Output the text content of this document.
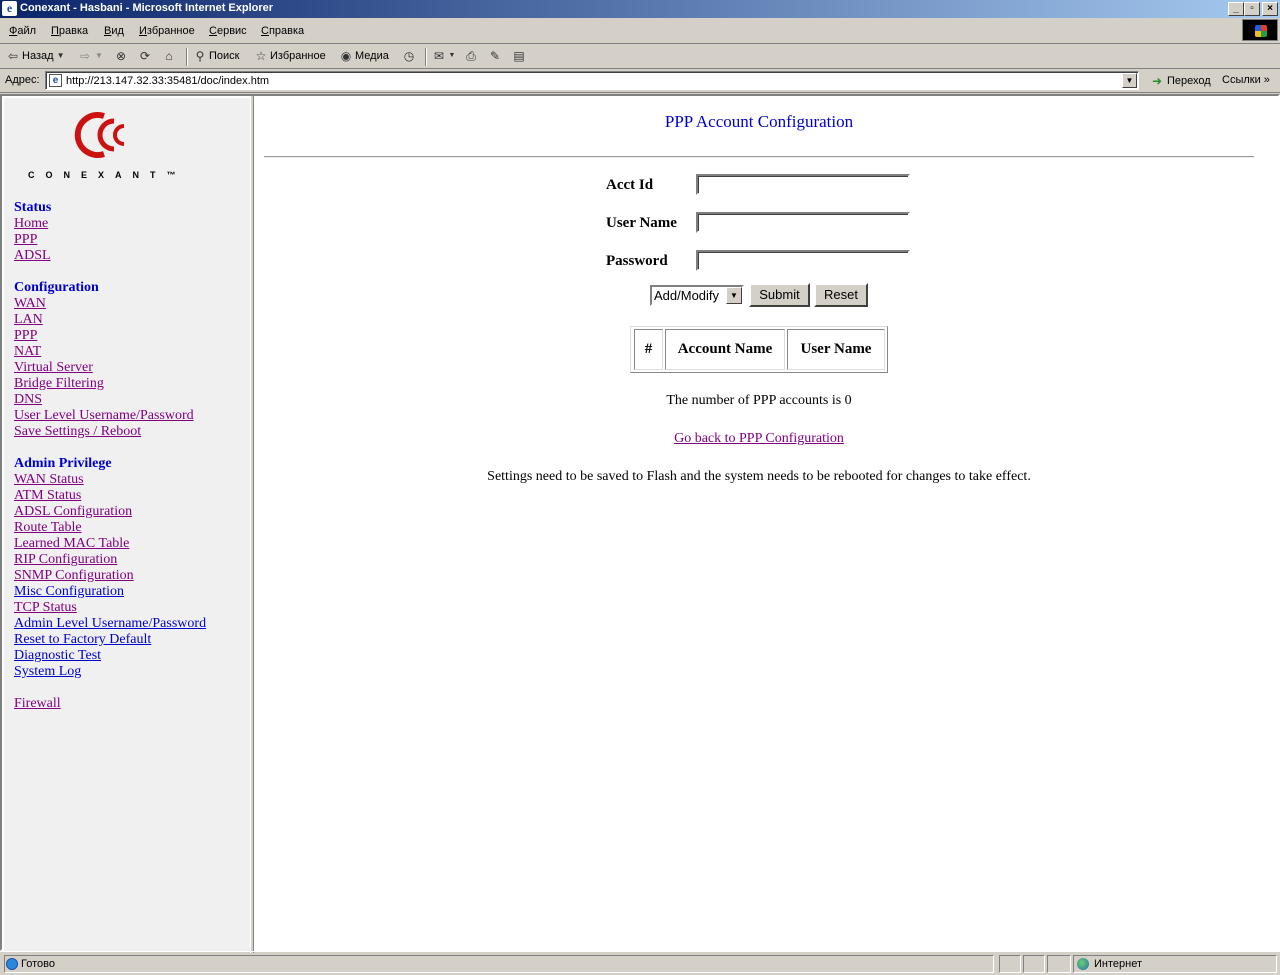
e Conexant - Hasbani - Microsoft Internet Explorer	_	▫	×
Файл Правка Вид Избранное Сервис Справка
⇦ Назад ▼ ⇨ ▼ ⊗ ⟳ ⌂ ⚲ Поиск ☆ Избранное ◉ Медиа ◷ ✉ ▼ ⎙ ✎ ▤
Адрес:	e
http://213.147.32.33:35481/doc/index.htm	▼ ➜ Переход Ссылки »
CONEXANT™
Status
Home
PPP
ADSL
Configuration
WAN
LAN
PPP
NAT
Virtual Server
Bridge Filtering
DNS
User Level Username/Password
Save Settings / Reboot
Admin Privilege
WAN Status
ATM Status
ADSL Configuration
Route Table
Learned MAC Table
RIP Configuration
SNMP Configuration
Misc Configuration
TCP Status
Admin Level Username/Password
Reset to Factory Default
Diagnostic Test
System Log
Firewall
PPP Account Configuration
Acct Id
User Name
Password
Add/Modify	▼	Submit	Reset
#	Account Name	User Name
The number of PPP accounts is 0
Go back to PPP Configuration
Settings need to be saved to Flash and the system needs to be rebooted for changes to take effect.
Готово	Интернет
